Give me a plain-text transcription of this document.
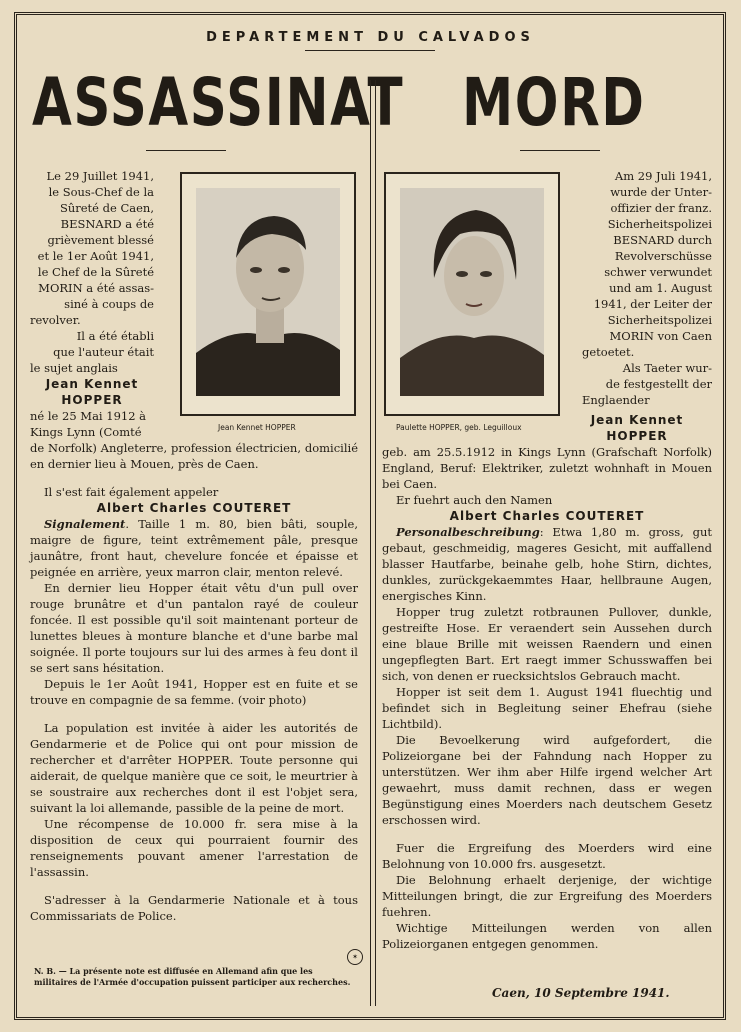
DEPARTEMENT DU CALVADOS
ASSASSINAT MORD
Jean Kennet HOPPER	Paulette HOPPER, geb. Leguilloux

Le 29 Juillet 1941,

le Sous-Chef de la

Sûreté de Caen,

BESNARD a été

grièvement blessé

et le 1er Août 1941,

le Chef de la Sûreté

MORIN a été assas-

siné à coups de

revolver.

Il a été établi

que l'auteur était

le sujet anglais

Jean Kennet
HOPPER

né le 25 Mai 1912 à

Kings Lynn (Comté

de Norfolk) Angleterre, profession électricien, domicilié en dernier lieu à Mouen, près de Caen.

Il s'est fait également appeler

Albert Charles COUTERET

Signalement. Taille 1 m. 80, bien bâti, souple, maigre de figure, teint extrêmement pâle, presque jaunâtre, front haut, chevelure foncée et épaisse et peignée en arrière, yeux marron clair, menton relevé.

En dernier lieu Hopper était vêtu d'un pull over rouge brunâtre et d'un pantalon rayé de couleur foncée. Il est possible qu'il soit maintenant porteur de lunettes bleues à monture blanche et d'une barbe mal soignée. Il porte toujours sur lui des armes à feu dont il se sert sans hésitation.

Depuis le 1er Août 1941, Hopper est en fuite et se trouve en compagnie de sa femme. (voir photo)

La population est invitée à aider les autorités de Gendarmerie et de Police qui ont pour mission de rechercher et d'arrêter HOPPER. Toute personne qui aiderait, de quelque manière que ce soit, le meurtrier à se soustraire aux recherches dont il est l'objet sera, suivant la loi allemande, passible de la peine de mort.

Une récompense de 10.000 fr. sera mise à la disposition de ceux qui pourraient fournir des renseignements pouvant amener l'arrestation de l'assassin.

S'adresser à la Gendarmerie Nationale et à tous Commissariats de Police.

N. B. — La présente note est diffusée en Allemand afin que les militaires de l'Armée d'occupation puissent participer aux recherches.
✶

Am 29 Juli 1941,

wurde der Unter-

offizier der franz.

Sicherheitspolizei

BESNARD durch

Revolverschüsse

schwer verwundet

und am 1. August

1941, der Leiter der

Sicherheitspolizei

MORIN von Caen

getoetet.

Als Taeter wur-

de festgestellt der

Englaender

Jean Kennet
HOPPER

geb. am 25.5.1912 in Kings Lynn (Grafschaft Norfolk) England, Beruf: Elektriker, zuletzt wohnhaft in Mouen bei Caen.

Er fuehrt auch den Namen

Albert Charles COUTERET

Personalbeschreibung: Etwa 1,80 m. gross, gut gebaut, geschmeidig, mageres Gesicht, mit auffallend blasser Hautfarbe, beinahe gelb, hohe Stirn, dichtes, dunkles, zurückgekaemmtes Haar, hellbraune Augen, energisches Kinn.

Hopper trug zuletzt rotbraunen Pullover, dunkle, gestreifte Hose. Er veraendert sein Aussehen durch eine blaue Brille mit weissen Raendern und einen ungepflegten Bart. Ert raegt immer Schusswaffen bei sich, von denen er ruecksichtslos Gebrauch macht.

Hopper ist seit dem 1. August 1941 fluechtig und befindet sich in Begleitung seiner Ehefrau (siehe Lichtbild).

Die Bevoelkerung wird aufgefordert, die Polizeiorgane bei der Fahndung nach Hopper zu unterstützen. Wer ihm aber Hilfe irgend welcher Art gewaehrt, muss damit rechnen, dass er wegen Begünstigung eines Moerders nach deutschem Gesetz erschossen wird.

Fuer die Ergreifung des Moerders wird eine Belohnung von 10.000 frs. ausgesetzt.

Die Belohnung erhaelt derjenige, der wichtige Mitteilungen bringt, die zur Ergreifung des Moerders fuehren.

Wichtige Mitteilungen werden von allen Polizeiorganen entgegen genommen.

Caen, 10 Septembre 1941.
